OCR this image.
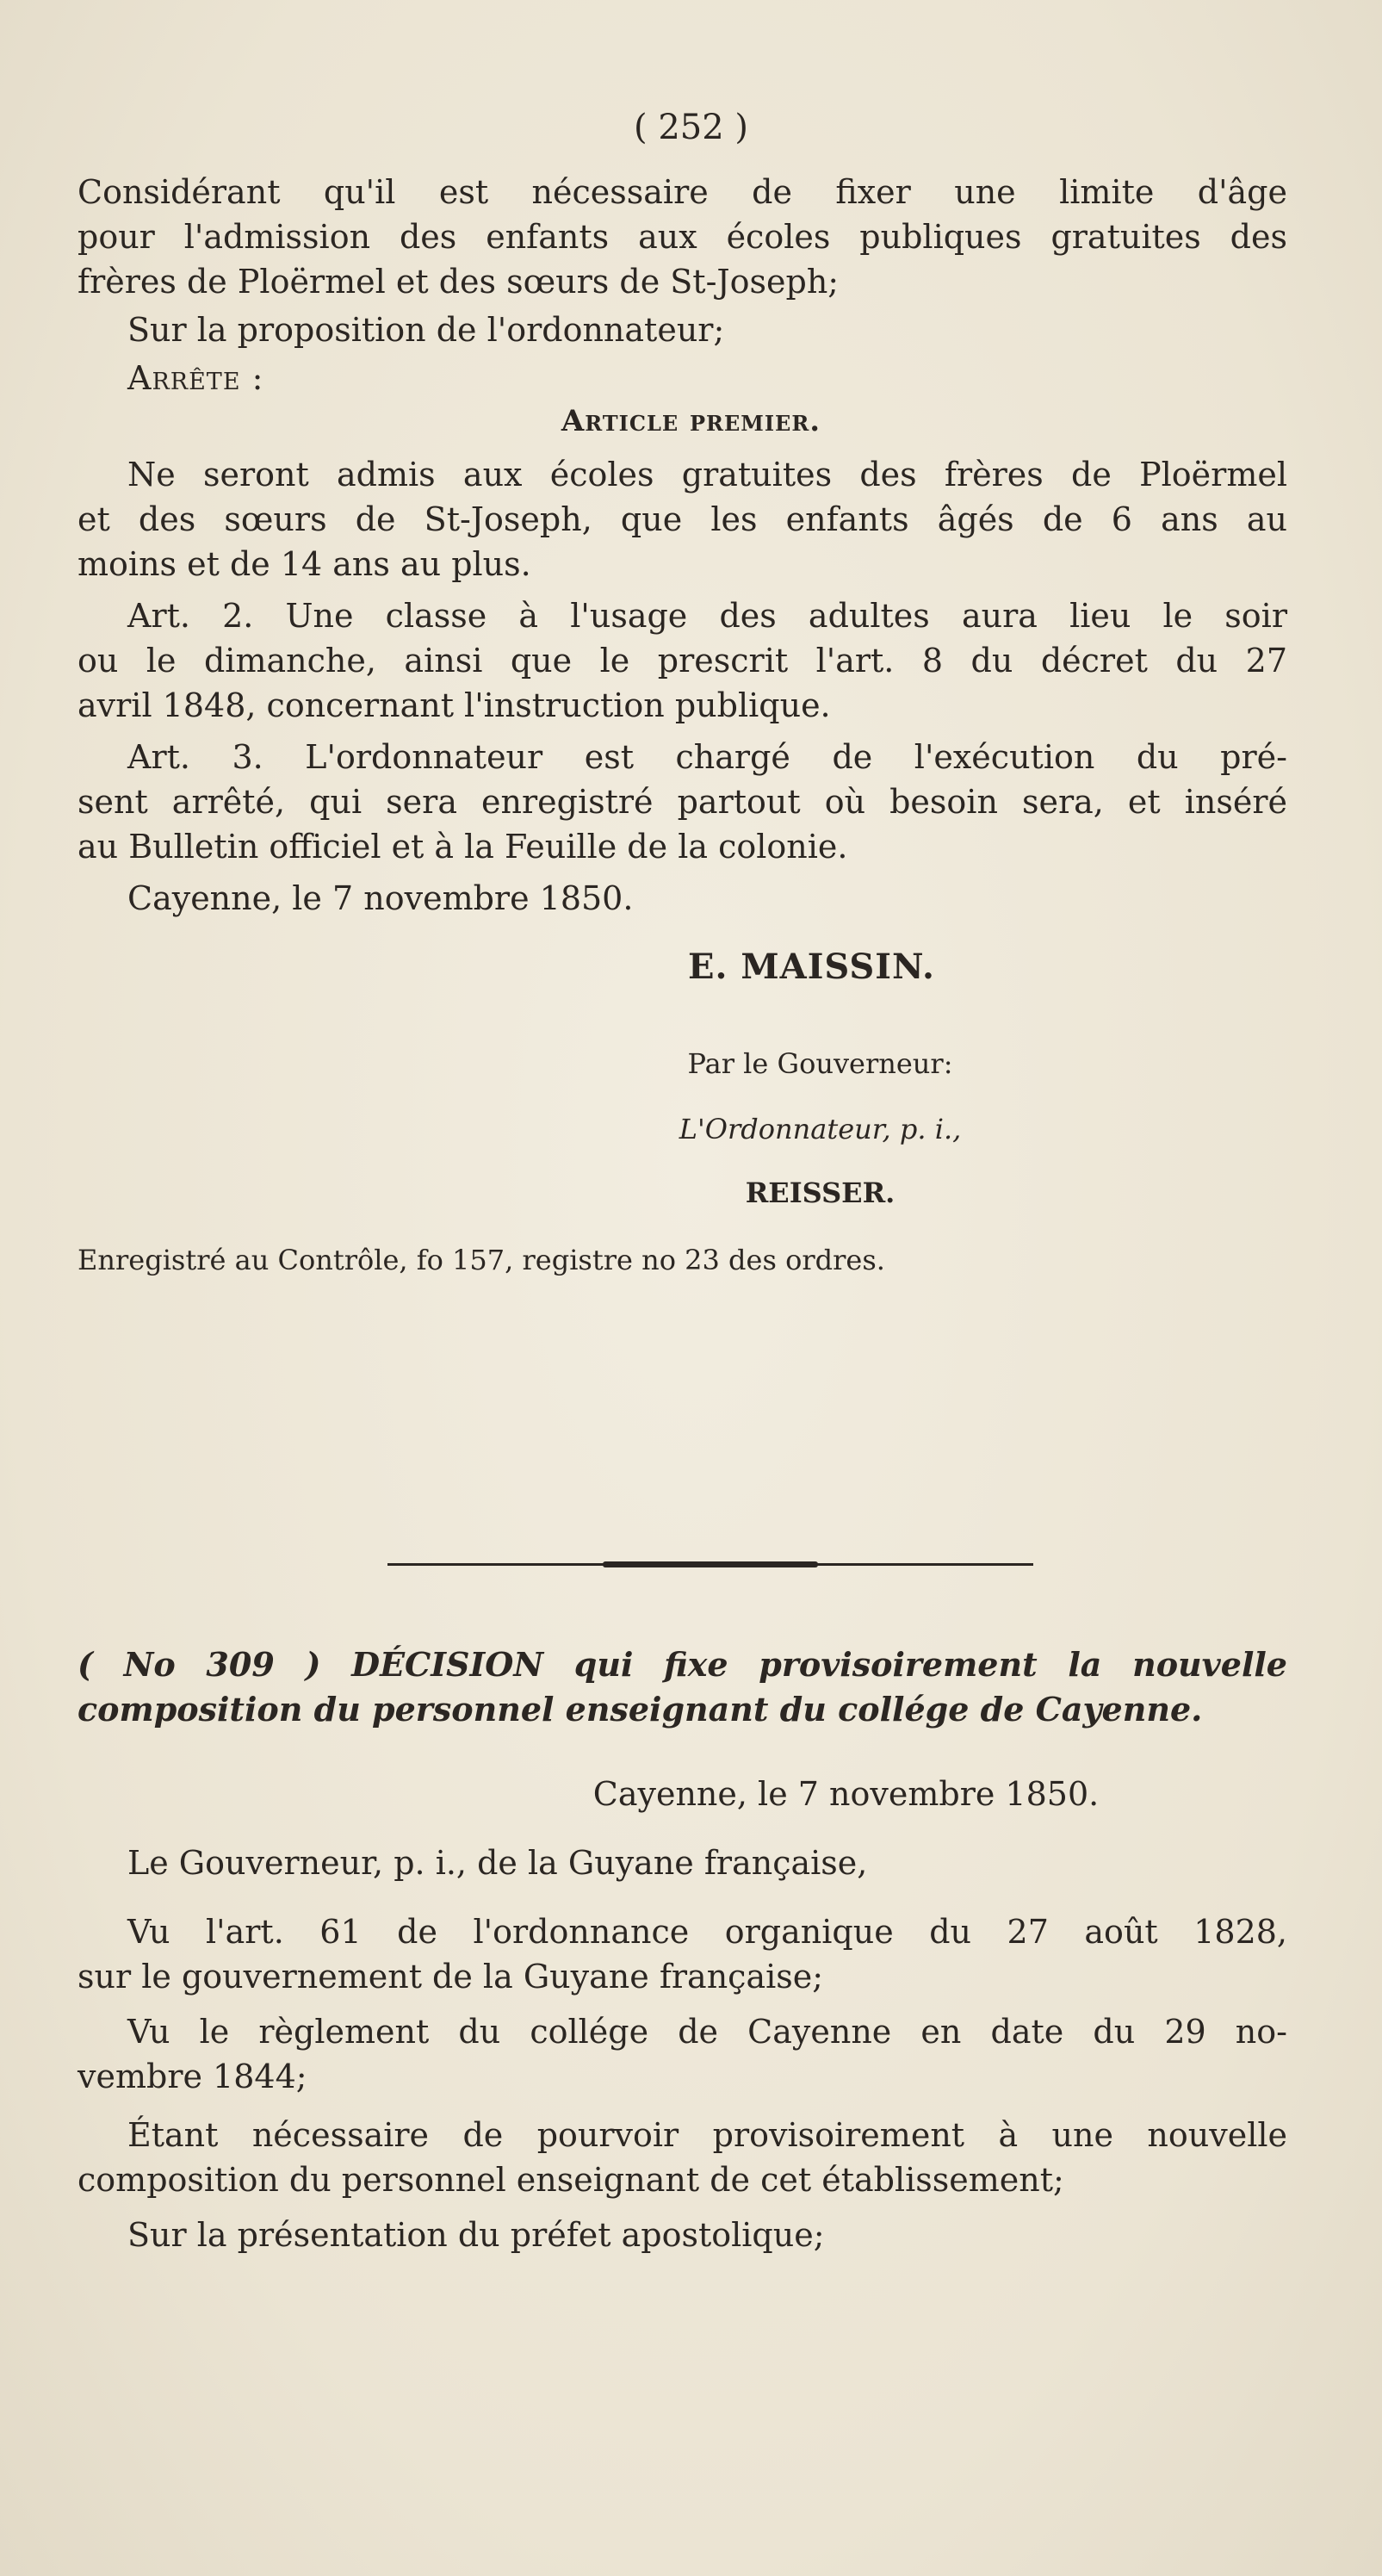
( 252 )
Considérant qu'il est nécessaire de fixer une limite d'âge
pour l'admission des enfants aux écoles publiques gratuites des
frères de Ploërmel et des sœurs de St-Joseph;
Sur la proposition de l'ordonnateur;
Arrête :
Article premier.
Ne seront admis aux écoles gratuites des frères de Ploërmel
et des sœurs de St-Joseph, que les enfants âgés de 6 ans au
moins et de 14 ans au plus.
Art. 2. Une classe à l'usage des adultes aura lieu le soir
ou le dimanche, ainsi que le prescrit l'art. 8 du décret du 27
avril 1848, concernant l'instruction publique.
Art. 3. L'ordonnateur est chargé de l'exécution du pré-
sent arrêté, qui sera enregistré partout où besoin sera, et inséré
au Bulletin officiel et à la Feuille de la colonie.
Cayenne, le 7 novembre 1850.
E. MAISSIN.
Par le Gouverneur:
L'Ordonnateur, p. i.,
REISSER.
Enregistré au Contrôle, fo 157, registre no 23 des ordres.
( No 309 ) DÉCISION qui fixe provisoirement la nouvelle
composition du personnel enseignant du collége de Cayenne.
Cayenne, le 7 novembre 1850.
Le Gouverneur, p. i., de la Guyane française,
Vu l'art. 61 de l'ordonnance organique du 27 août 1828,
sur le gouvernement de la Guyane française;
Vu le règlement du collége de Cayenne en date du 29 no-
vembre 1844;
Étant nécessaire de pourvoir provisoirement à une nouvelle
composition du personnel enseignant de cet établissement;
Sur la présentation du préfet apostolique;
